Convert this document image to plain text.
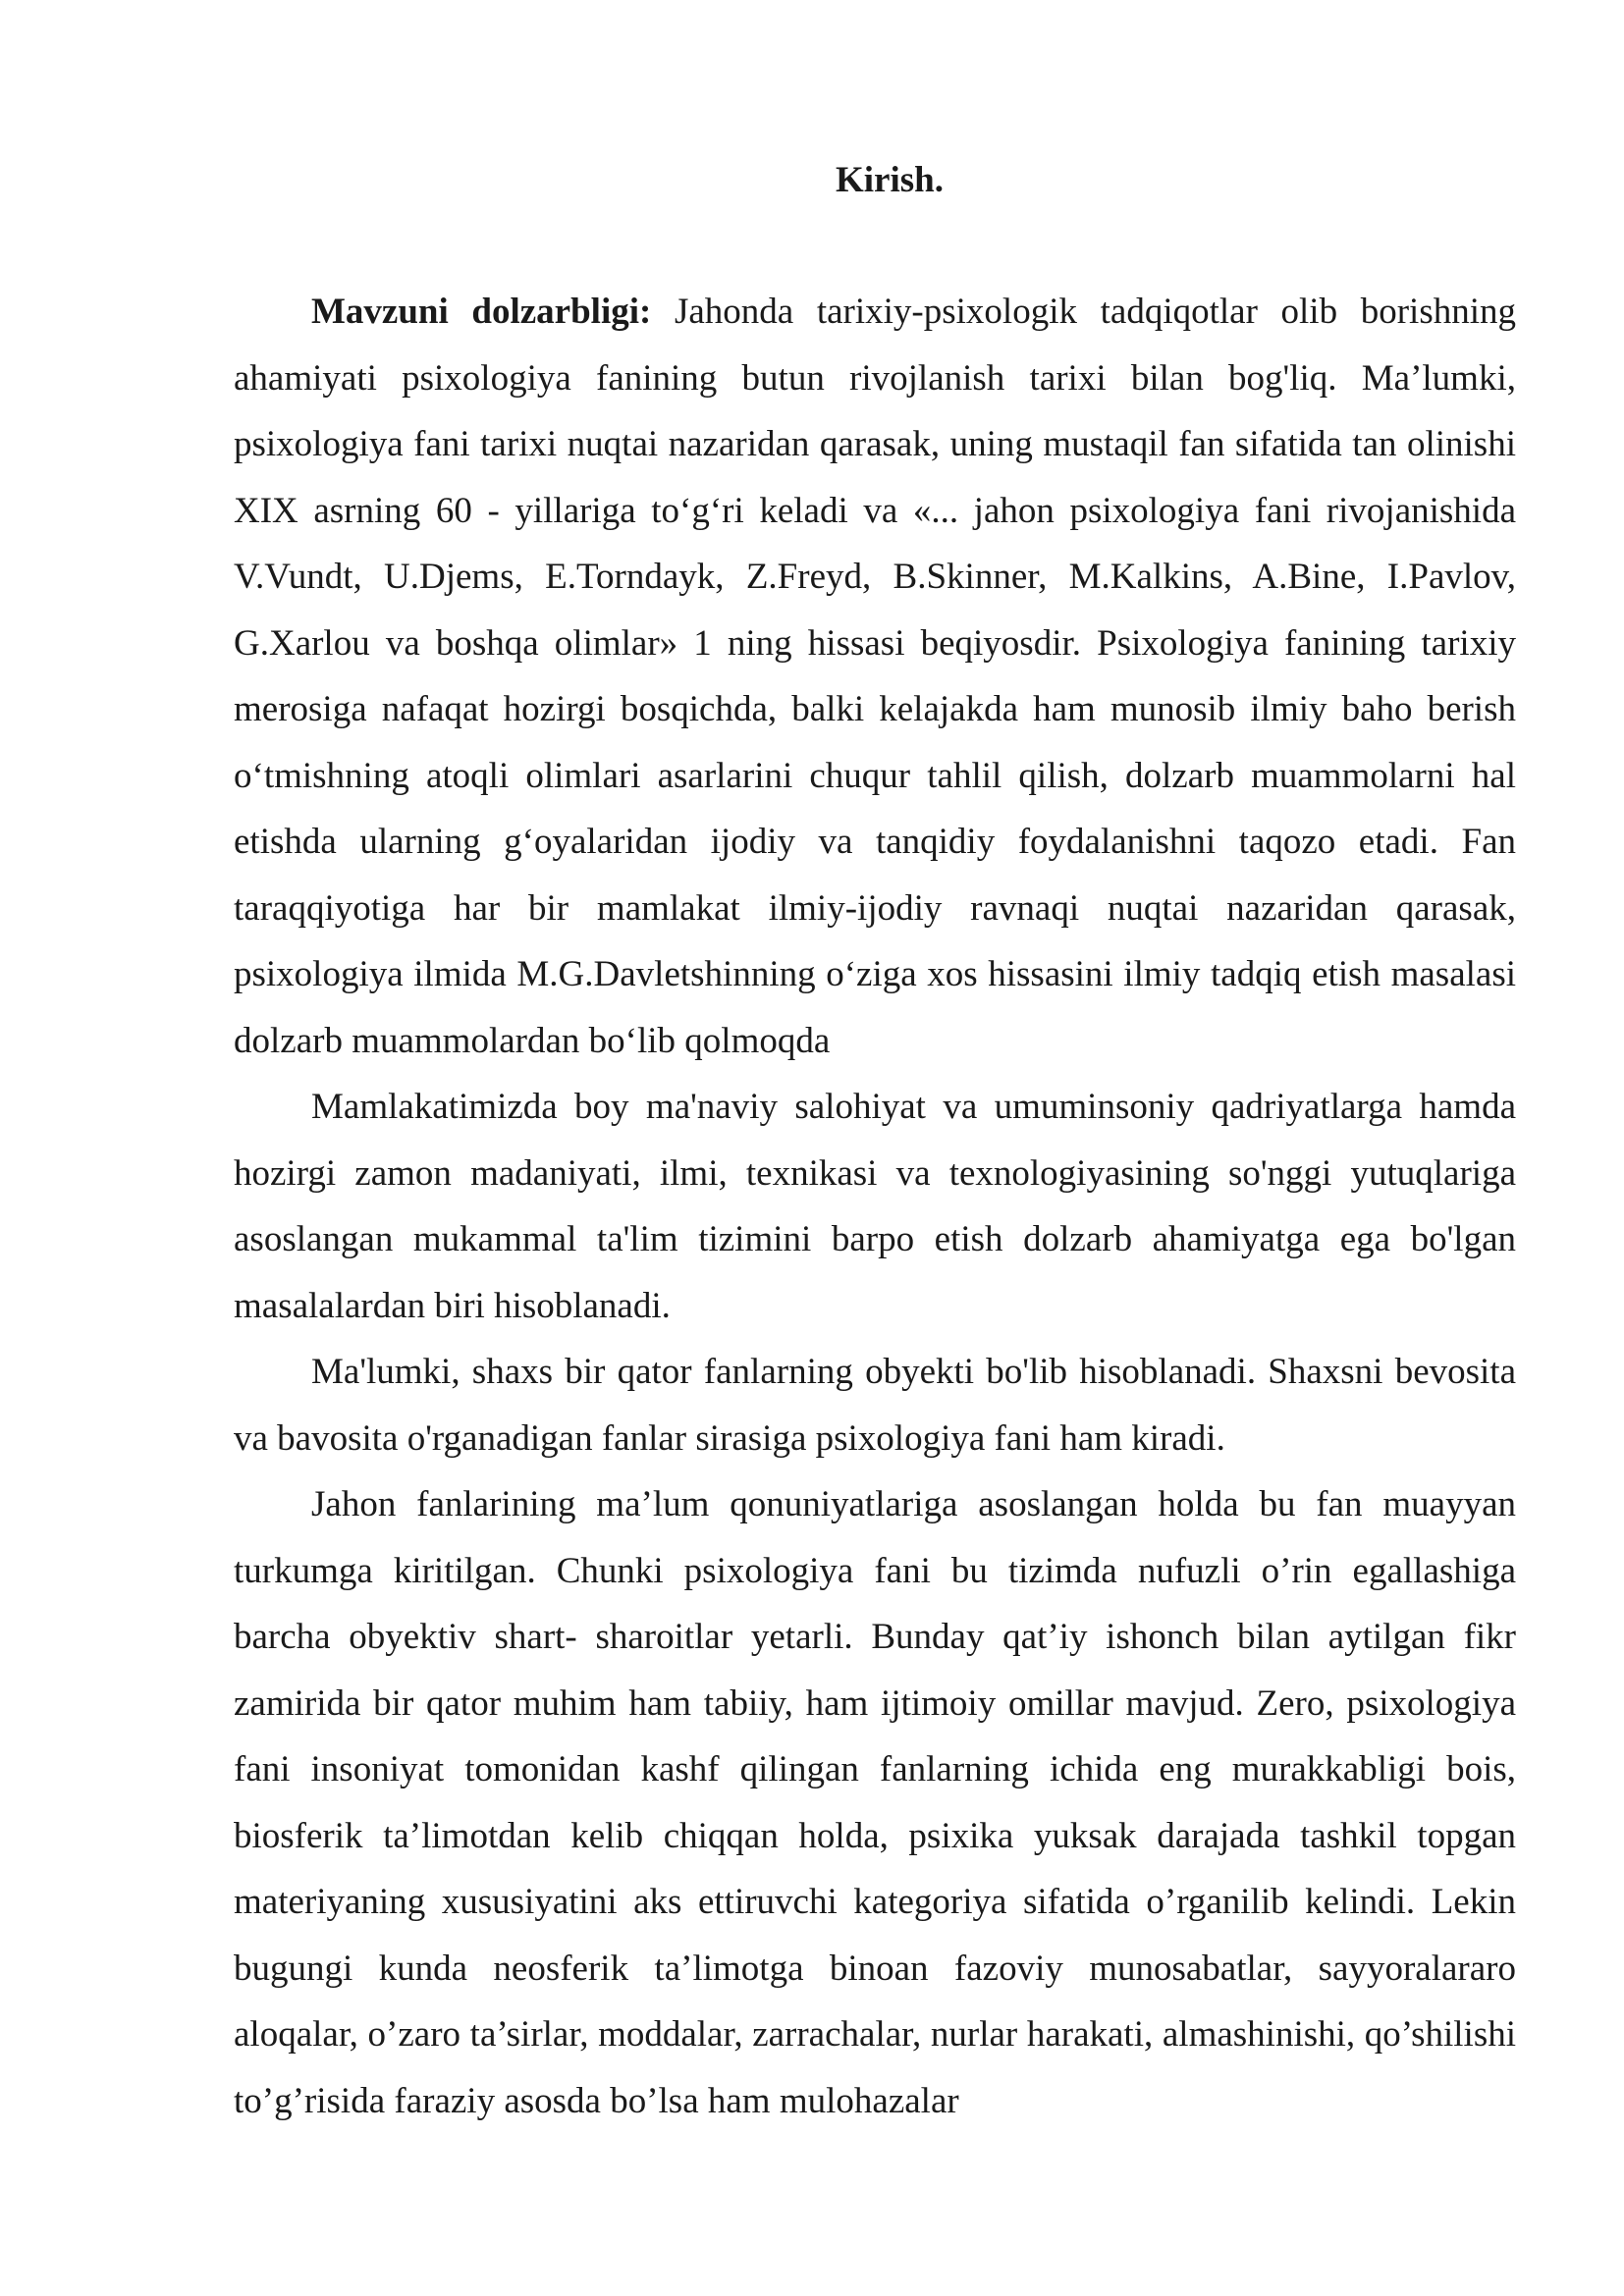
Kirish.

Mavzuni dolzarbligi: Jahonda tarixiy-psixologik tadqiqotlar olib borishning ahamiyati psixologiya fanining butun rivojlanish tarixi bilan bog'liq. Ma’lumki, psixologiya fani tarixi nuqtai nazaridan qarasak, uning mustaqil fan sifatida tan olinishi XIX asrning 60 - yillariga to‘g‘ri keladi va «... jahon psixologiya fani rivojanishida V.Vundt, U.Djems, E.Torndayk, Z.Freyd, B.Skinner, M.Kalkins, A.Bine, I.Pavlov, G.Xarlou va boshqa olimlar» 1 ning hissasi beqiyosdir. Psixologiya fanining tarixiy merosiga nafaqat hozirgi bosqichda, balki kelajakda ham munosib ilmiy baho berish o‘tmishning atoqli olimlari asarlarini chuqur tahlil qilish, dolzarb muammolarni hal etishda ularning g‘oyalaridan ijodiy va tanqidiy foydalanishni taqozo etadi. Fan taraqqiyotiga har bir mamlakat ilmiy-ijodiy ravnaqi nuqtai nazaridan qarasak, psixologiya ilmida M.G.Davletshinning o‘ziga xos hissasini ilmiy tadqiq etish masalasi dolzarb muammolardan bo‘lib qolmoqda

Mamlakatimizda boy ma'naviy salohiyat va umuminsoniy qadriyatlarga hamda hozirgi zamon madaniyati, ilmi, texnikasi va texnologiyasining so'nggi yutuqlariga asoslangan mukammal ta'lim tizimini barpo etish dolzarb ahamiyatga ega bo'lgan masalalardan biri hisoblanadi.

Ma'lumki, shaxs bir qator fanlarning obyekti bo'lib hisoblanadi. Shaxsni bevosita va bavosita o'rganadigan fanlar sirasiga psixologiya fani ham kiradi.

Jahon fanlarining ma’lum qonuniyatlariga asoslangan holda bu fan muayyan turkumga kiritilgan. Chunki psixologiya fani bu tizimda nufuzli o’rin egallashiga barcha obyektiv shart- sharoitlar yetarli. Bunday qat’iy ishonch bilan aytilgan fikr zamirida bir qator muhim ham tabiiy, ham ijtimoiy omillar mavjud. Zero, psixologiya fani insoniyat tomonidan kashf qilingan fanlarning ichida eng murakkabligi bois, biosferik ta’limotdan kelib chiqqan holda, psixika yuksak darajada tashkil topgan materiyaning xususiyatini aks ettiruvchi kategoriya sifatida o’rganilib kelindi. Lekin bugungi kunda neosferik ta’limotga binoan fazoviy munosabatlar, sayyoralararo aloqalar, o’zaro ta’sirlar, moddalar, zarrachalar, nurlar harakati, almashinishi, qo’shilishi to’g’risida faraziy asosda bo’lsa ham mulohazalar
